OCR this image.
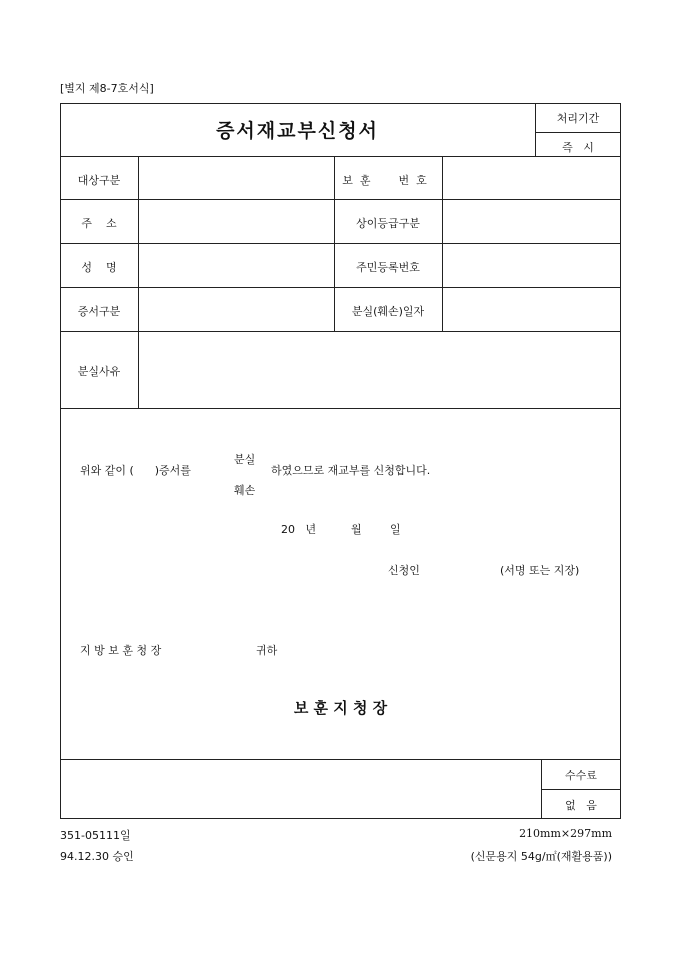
[별지 제8-7호서식]
증서재교부신청서
처리기간
즉   시
대상구분	보훈  번호
주    소	상이등급구분
성    명	주민등록번호
증서구분	분실(훼손)일자
분실사유
위와 같이 (      )증서를
분실
훼손
하였으므로 재교부를 신청합니다.
20   년	월	일
신청인	(서명 또는 지장)
지 방 보 훈 청 장	귀하
보 훈 지 청 장
수수료
없   음
351-05111일
94.12.30 승인
210mm×297mm
(신문용지 54g/㎡(재활용품))
